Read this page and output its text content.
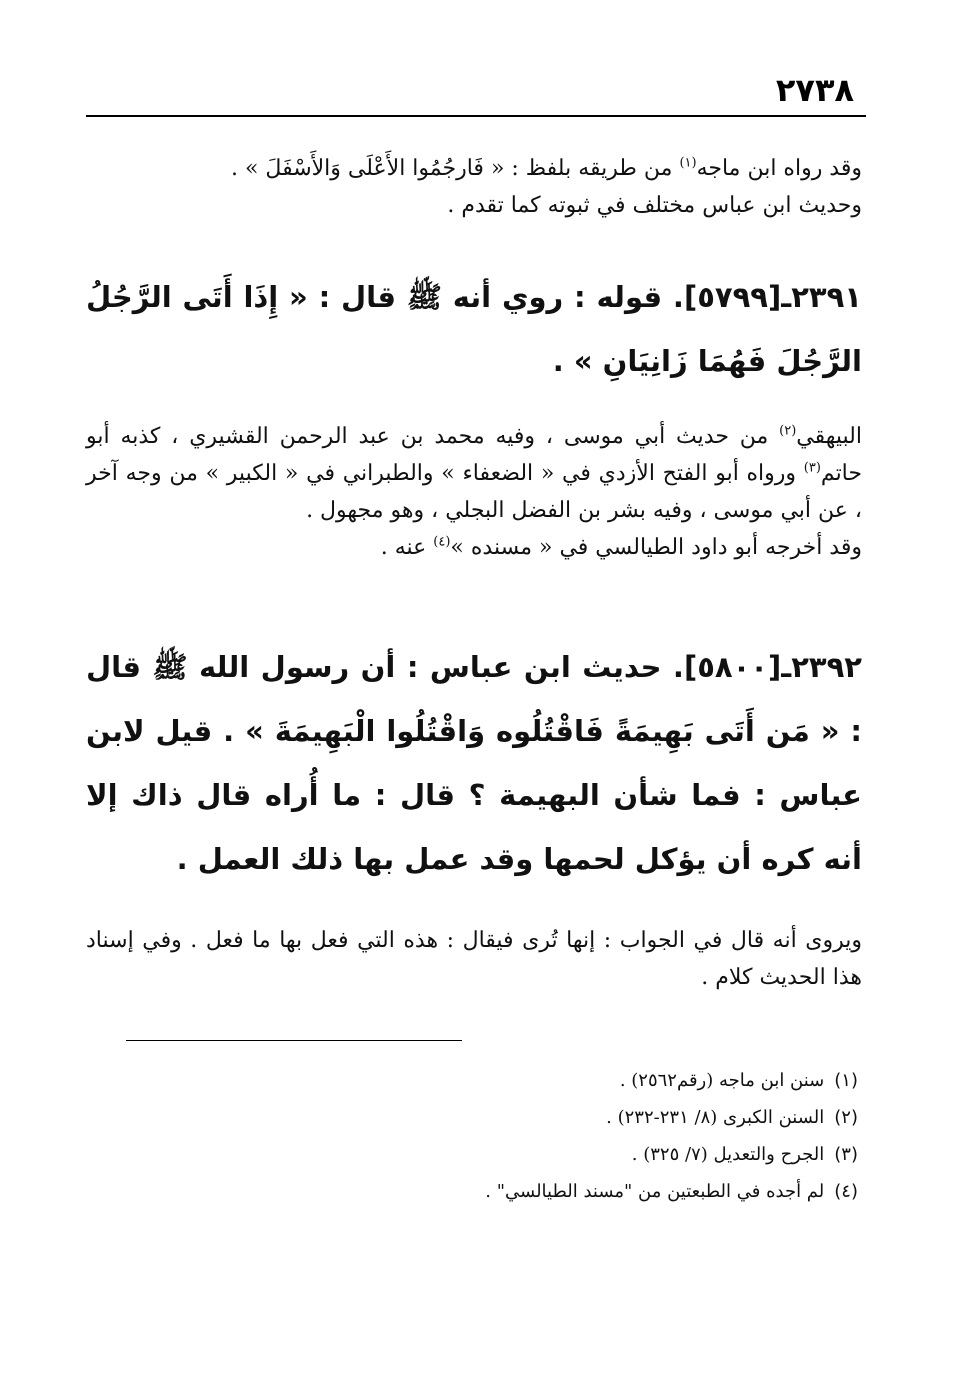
٢٧٣٨

وقد رواه ابن ماجه$^{(١)}$ من طريقه بلفظ : « فَارجُمُوا الأَعْلَى وَالأَسْفَلَ » .

وحديث ابن عباس مختلف في ثبوته كما تقدم .

٢٣٩١ـ[٥٧٩٩]. قوله : روي أنه ﷺ قال : « إِذَا أَتَى الرَّجُلُ الرَّجُلَ فَهُمَا زَانِيَانِ » .

البيهقي$^{(٢)}$ من حديث أبي موسى ، وفيه محمد بن عبد الرحمن القشيري ، كذبه أبو حاتم$^{(٣)}$ ورواه أبو الفتح الأزدي في « الضعفاء » والطبراني في « الكبير » من وجه آخر ، عن أبي موسى ، وفيه بشر بن الفضل البجلي ، وهو مجهول .

وقد أخرجه أبو داود الطيالسي في « مسنده »$^{(٤)}$ عنه .

٢٣٩٢ـ[٥٨٠٠]. حديث ابن عباس : أن رسول الله ﷺ قال : « مَن أَتَى بَهِيمَةً فَاقْتُلُوه وَاقْتُلُوا الْبَهِيمَةَ » . قيل لابن عباس : فما شأن البهيمة ؟ قال : ما أُراه قال ذاك إلا أنه كره أن يؤكل لحمها وقد عمل بها ذلك العمل .

ويروى أنه قال في الجواب : إنها تُرى فيقال : هذه التي فعل بها ما فعل . وفي إسناد هذا الحديث كلام .

(١)
سنن ابن ماجه (رقم٢٥٦٢) .
(٢)
السنن الكبرى (٨/ ٢٣١-٢٣٢) .
(٣)
الجرح والتعديل (٧/ ٣٢٥) .
(٤)
لم أجده في الطبعتين من "مسند الطيالسي" .
